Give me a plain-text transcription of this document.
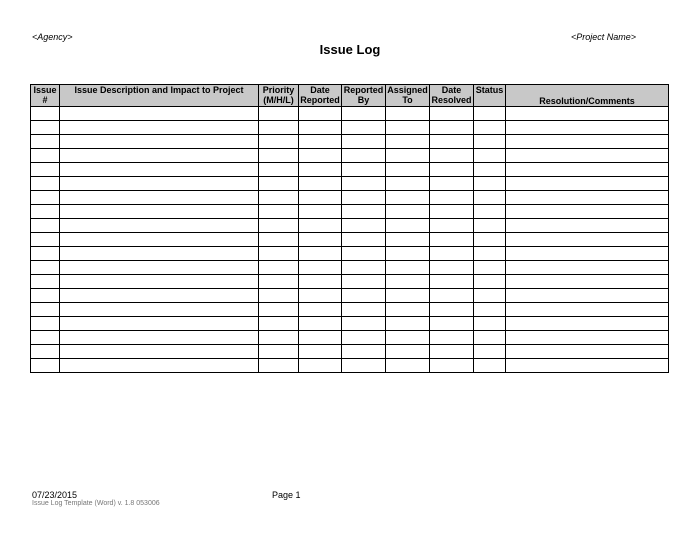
<Agency>	<Project Name>
Issue Log
Issue #	Issue Description and Impact to Project	Priority (M/H/L)	Date Reported	Reported By	Assigned To	Date Resolved	Status	Resolution/Comments

07/23/2015	Page 1
Issue Log Template (Word) v. 1.8 053006
